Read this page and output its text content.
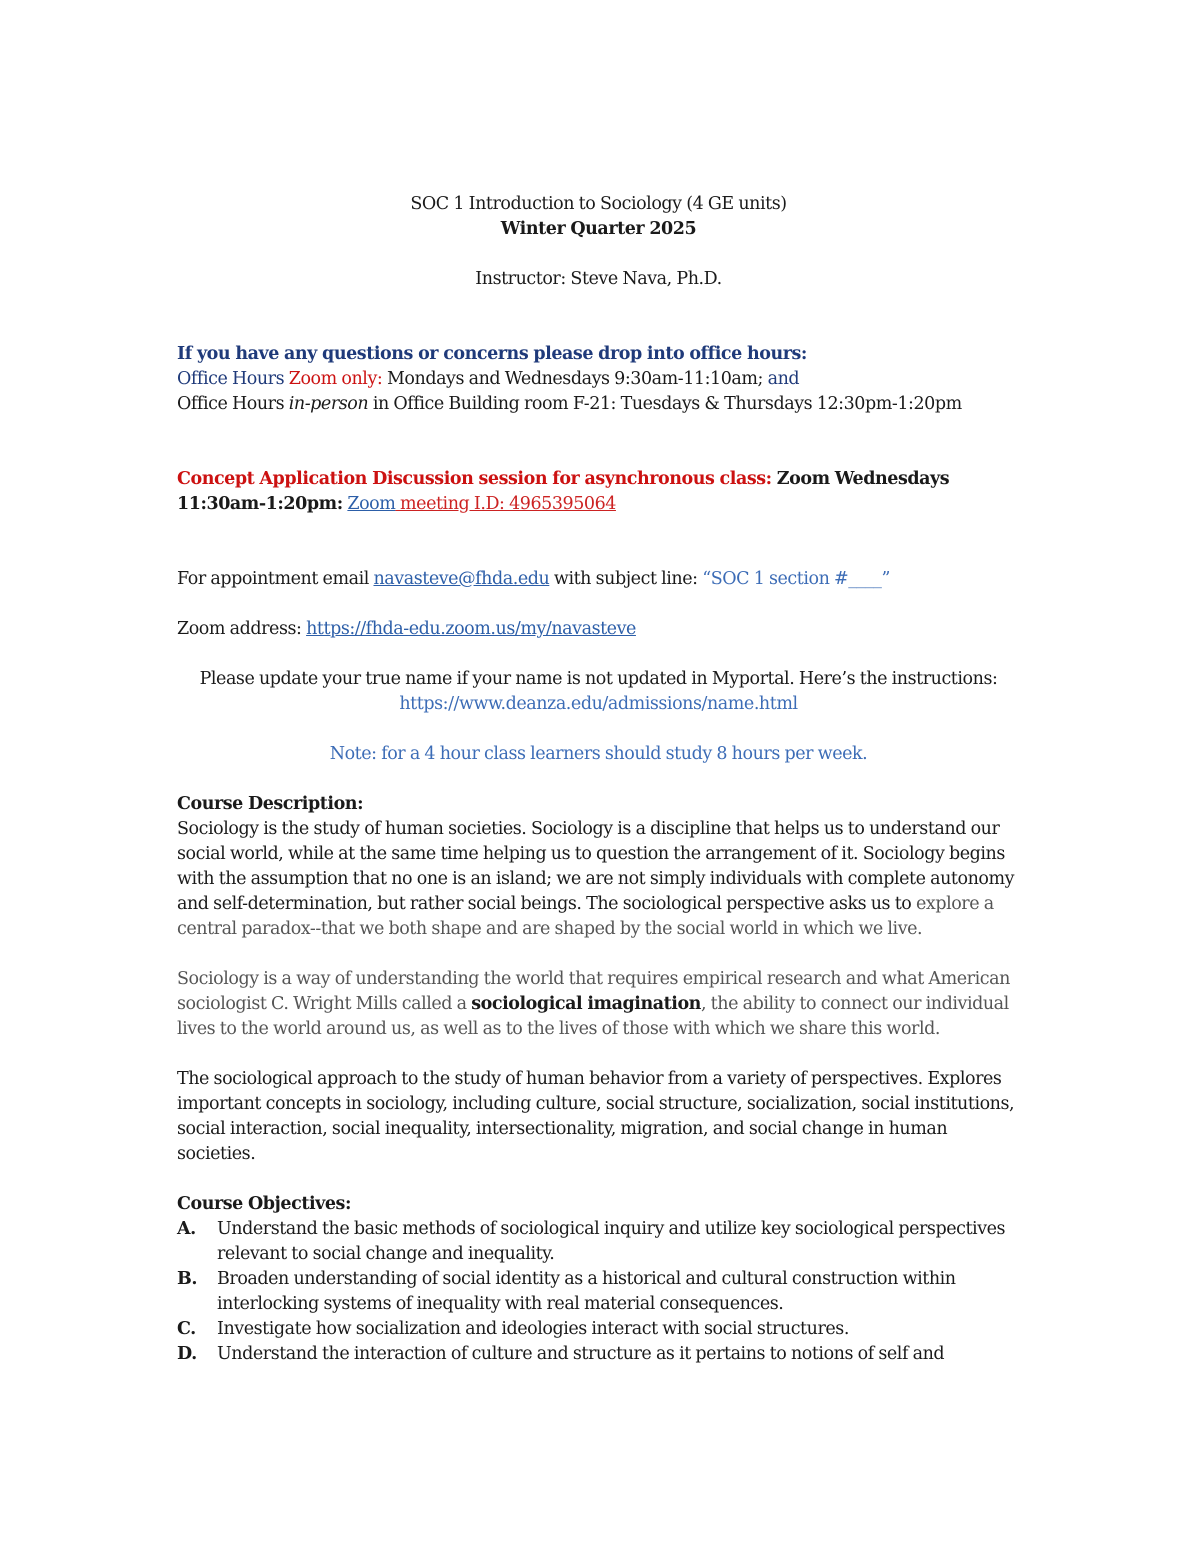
SOC 1 Introduction to Sociology (4 GE units)

Winter Quarter 2025

Instructor: Steve Nava, Ph.D.

If you have any questions or concerns please drop into office hours:

Office Hours Zoom only: Mondays and Wednesdays 9:30am-11:10am; and

Office Hours in-person in Office Building room F-21: Tuesdays & Thursdays 12:30pm-1:20pm

Concept Application Discussion session for asynchronous class: Zoom Wednesdays
11:30am-1:20pm: Zoom meeting I.D: 4965395064

For appointment email navasteve@fhda.edu with subject line: “SOC 1 section #____”

Zoom address: https://fhda-edu.zoom.us/my/navasteve

Please update your true name if your name is not updated in Myportal. Here’s the instructions:

https://www.deanza.edu/admissions/name.html

Note: for a 4 hour class learners should study 8 hours per week.

Course Description:

Sociology is the study of human societies. Sociology is a discipline that helps us to understand our social world, while at the same time helping us to question the arrangement of it. Sociology begins with the assumption that no one is an island; we are not simply individuals with complete autonomy and self-determination, but rather social beings. The sociological perspective asks us to explore a central paradox--that we both shape and are shaped by the social world in which we live.

Sociology is a way of understanding the world that requires empirical research and what American sociologist C. Wright Mills called a sociological imagination, the ability to connect our individual lives to the world around us, as well as to the lives of those with which we share this world.

The sociological approach to the study of human behavior from a variety of perspectives. Explores important concepts in sociology, including culture, social structure, socialization, social institutions, social interaction, social inequality, intersectionality, migration, and social change in human societies.

Course Objectives:

A.	Understand the basic methods of sociological inquiry and utilize key sociological perspectives relevant to social change and inequality.
B.	Broaden understanding of social identity as a historical and cultural construction within interlocking systems of inequality with real material consequences.
C.	Investigate how socialization and ideologies interact with social structures.
D.	Understand the interaction of culture and structure as it pertains to notions of self and
